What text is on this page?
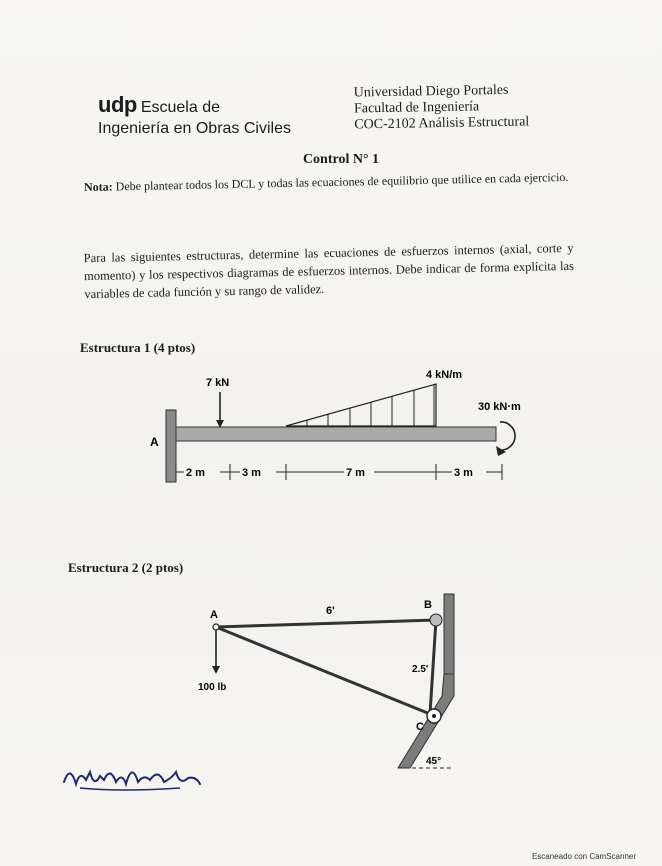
udp Escuela de
Ingeniería en Obras Civiles
Universidad Diego Portales
Facultad de Ingeniería
COC-2102 Análisis Estructural
Control N° 1
Nota: Debe plantear todos los DCL y todas las ecuaciones de equilibrio que utilice en cada ejercicio.
Para las siguientes estructuras, determine las ecuaciones de esfuerzos internos (axial, corte y momento) y los respectivos diagramas de esfuerzos internos. Debe indicar de forma explícita las variables de cada función y su rango de validez.
Estructura 1 (4 ptos)
A
7 kN
4 kN/m
30 kN·m
2 m	3 m	7 m	3 m
Estructura 2 (2 ptos)
45°
A
B
C
6'
2.5'
100 lb
Escaneado con CamScanner
